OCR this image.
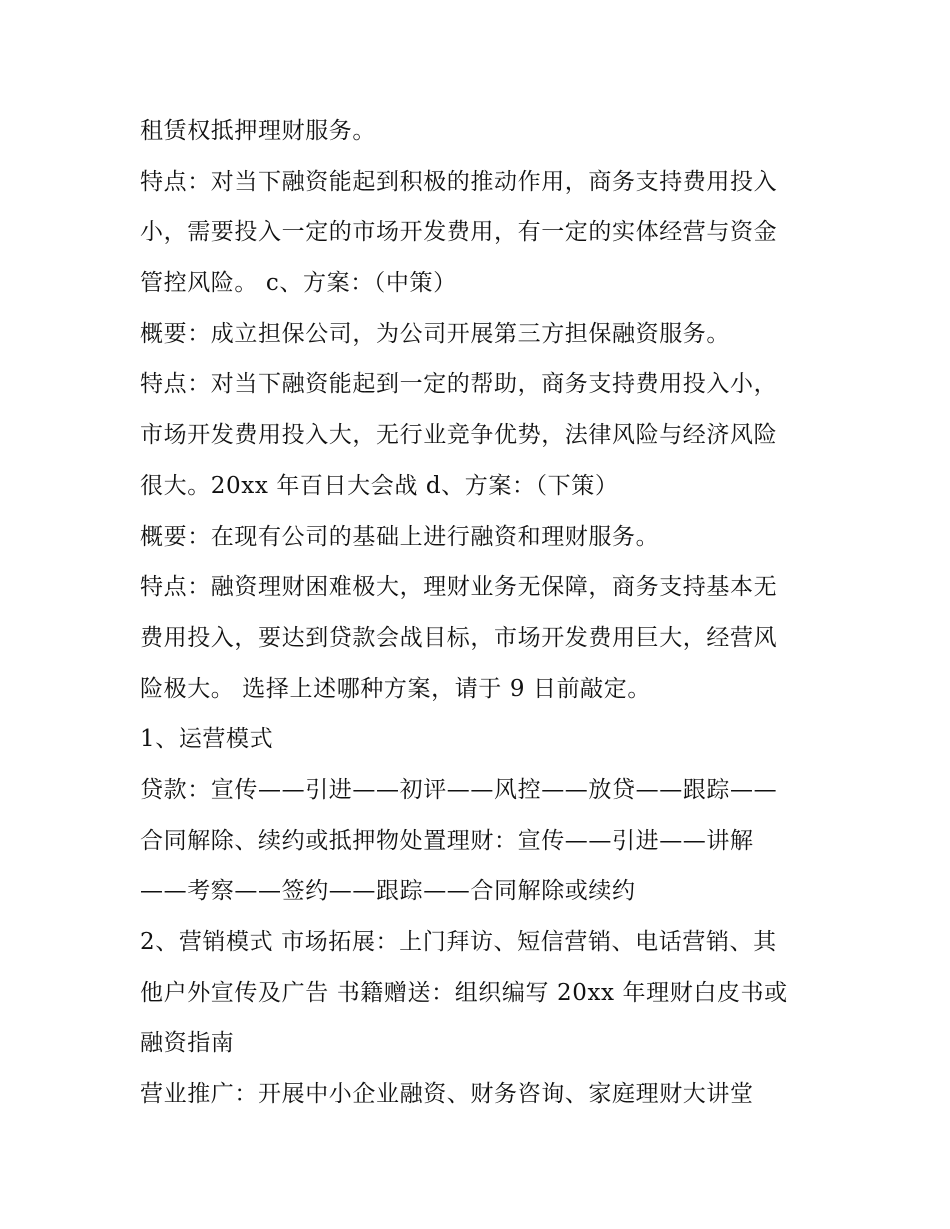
租赁权抵押理财服务。
特点：对当下融资能起到积极的推动作用，商务支持费用投入
小，需要投入一定的市场开发费用，有一定的实体经营与资金
管控风险。 c、方案：（中策）
概要：成立担保公司，为公司开展第三方担保融资服务。
特点：对当下融资能起到一定的帮助，商务支持费用投入小，
市场开发费用投入大，无行业竞争优势，法律风险与经济风险
很大。20xx 年百日大会战 d、方案：（下策）
概要：在现有公司的基础上进行融资和理财服务。
特点：融资理财困难极大，理财业务无保障，商务支持基本无
费用投入，要达到贷款会战目标，市场开发费用巨大，经营风
险极大。 选择上述哪种方案，请于 9 日前敲定。
1、运营模式
贷款：宣传——引进——初评——风控——放贷——跟踪——
合同解除、续约或抵押物处置理财：宣传——引进——讲解
——考察——签约——跟踪——合同解除或续约
2、营销模式 市场拓展：上门拜访、短信营销、电话营销、其
他户外宣传及广告 书籍赠送：组织编写 20xx 年理财白皮书或
融资指南
营业推广：开展中小企业融资、财务咨询、家庭理财大讲堂
